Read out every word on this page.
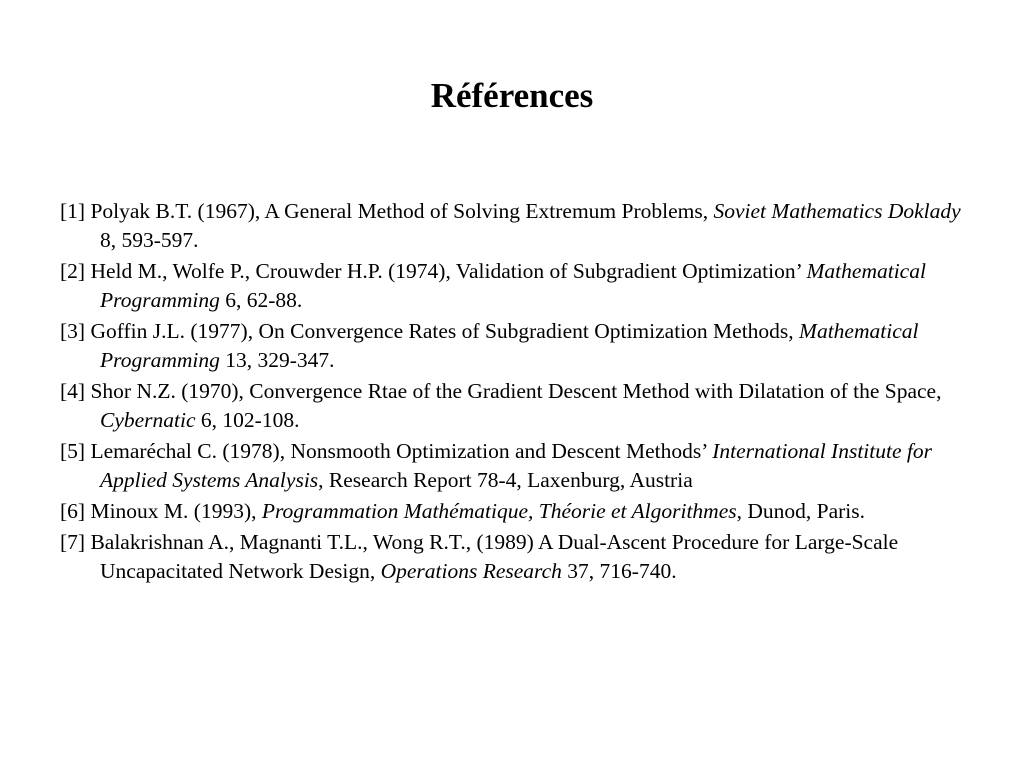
Références
[1] Polyak B.T. (1967), A General Method of Solving Extremum Problems, Soviet Mathematics Doklady 8, 593-597.
[2] Held M., Wolfe P., Crouwder H.P. (1974), Validation of Subgradient Optimization’ Mathematical Programming 6, 62-88.
[3] Goffin J.L. (1977), On Convergence Rates of Subgradient Optimization Methods, Mathematical Programming 13, 329-347.
[4] Shor N.Z. (1970), Convergence Rtae of the Gradient Descent Method with Dilatation of the Space, Cybernatic 6, 102-108.
[5] Lemaréchal C. (1978), Nonsmooth Optimization and Descent Methods’ International Institute for Applied Systems Analysis, Research Report 78-4, Laxenburg, Austria
[6] Minoux M. (1993), Programmation Mathématique, Théorie et Algorithmes, Dunod, Paris.
[7] Balakrishnan A., Magnanti T.L., Wong R.T., (1989) A Dual-Ascent Procedure for Large-Scale Uncapacitated Network Design, Operations Research 37, 716-740.
